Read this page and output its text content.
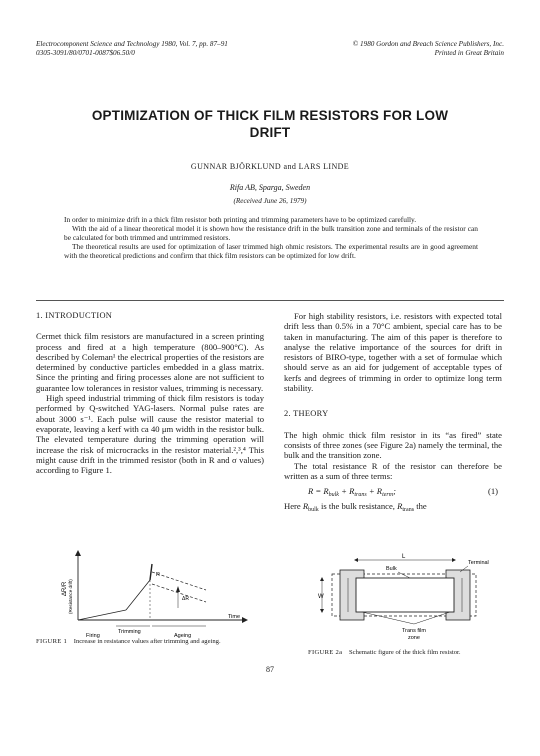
Electrocomponent Science and Technology 1980, Vol. 7, pp. 87–91
0305-3091/80/0701-0087$06.50/0
© 1980 Gordon and Breach Science Publishers, Inc.
Printed in Great Britain
OPTIMIZATION OF THICK FILM RESISTORS FOR LOW
DRIFT
GUNNAR BJÖRKLUND and LARS LINDE
Rifa AB, Sparga, Sweden
(Received June 26, 1979)

In order to minimize drift in a thick film resistor both printing and trimming parameters have to be optimized carefully.

With the aid of a linear theoretical model it is shown how the resistance drift in the bulk transition zone and terminals of the resistor can be calculated for both trimmed and untrimmed resistors.

The theoretical results are used for optimization of laser trimmed high ohmic resistors. The experimental results are in good agreement with the theoretical predictions and confirm that thick film resistors can be optimized for low drift.

1. INTRODUCTION

Cermet thick film resistors are manufactured in a screen printing process and fired at a high temperature (800–900°C). As described by Coleman¹ the electrical properties of the resistors are determined by conductive particles embedded in a glass matrix. Since the printing and firing processes alone are not sufficient to guarantee low tolerances in resistor values, trimming is necessary.

High speed industrial trimming of thick film resistors is today performed by Q-switched YAG-lasers. Normal pulse rates are about 3000 s⁻¹. Each pulse will cause the resistor material to evaporate, leaving a kerf with ca 40 μm width in the resistor bulk. The elevated temperature during the trimming operation will increase the risk of microcracks in the resistor material.²,³,⁴ This might cause drift in the trimmed resistor (both in R and σ values) according to Figure 1.

For high stability resistors, i.e. resistors with expected total drift less than 0.5% in a 70°C ambient, special care has to be taken in manufacturing. The aim of this paper is therefore to analyse the relative importance of the sources for drift in resistors of BIRO-type, together with a set of formulae which should serve as an aid for judgement of acceptable types of kerfs and degrees of trimming in order to optimize long term stability.

2. THEORY

The high ohmic thick film resistor in its “as fired” state consists of three zones (see Figure 2a) namely the terminal, the bulk and the transition zone.

The total resistance R of the resistor can therefore be written as a sum of three terms:

$R = R_{bulk} + R_{trans} + R_{term}$;	(1)

Here $R_{bulk}$ is the bulk resistance, $R_{trans}$ the

ΔR/R (Resistance drift)
R
ΔR
Time
Trimming
Firing	Ageing
FIGURE 1 Increase in resistance values after trimming and ageing.
L
W
Bulk
Terminal
Trans film
zone
FIGURE 2a Schematic figure of the thick film resistor.
87
